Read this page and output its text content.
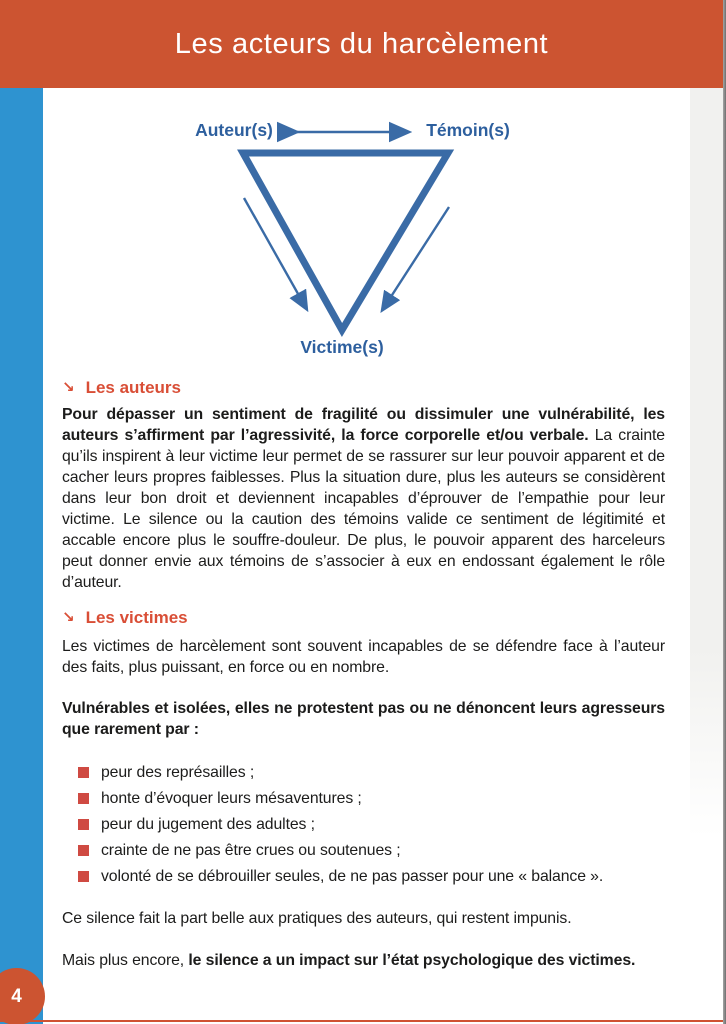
Les acteurs du harcèlement
Auteur(s)	Témoin(s)
Victime(s)
↘ Les auteurs
Pour dépasser un sentiment de fragilité ou dissimuler une vulnérabilité, les auteurs s’affirment par l’agressivité, la force corporelle et/ou verbale. La crainte qu’ils inspirent à leur victime leur permet de se rassurer sur leur pouvoir apparent et de cacher leurs propres faiblesses. Plus la situation dure, plus les auteurs se considèrent dans leur bon droit et deviennent incapables d’éprouver de l’empathie pour leur victime. Le silence ou la caution des témoins valide ce sentiment de légitimité et accable encore plus le souffre-douleur. De plus, le pouvoir apparent des harceleurs peut donner envie aux témoins de s’associer à eux en endossant également le rôle d’auteur.
↘ Les victimes
Les victimes de harcèlement sont souvent incapables de se défendre face à l’auteur des faits, plus puissant, en force ou en nombre.
Vulnérables et isolées, elles ne protestent pas ou ne dénoncent leurs agresseurs que rarement par :
peur des représailles ;
honte d’évoquer leurs mésaventures ;
peur du jugement des adultes ;
crainte de ne pas être crues ou soutenues ;
volonté de se débrouiller seules, de ne pas passer pour une « balance ».
Ce silence fait la part belle aux pratiques des auteurs, qui restent impunis.
Mais plus encore, le silence a un impact sur l’état psychologique des victimes.
4
